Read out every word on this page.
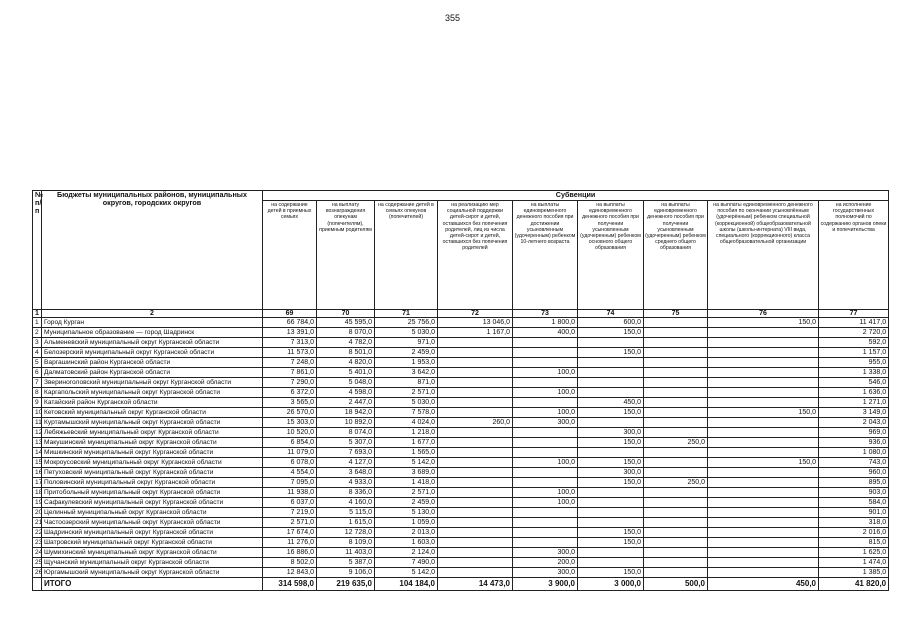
355
№ п/п	Бюджеты муниципальных районов, муниципальных округов, городских округов	Субвенции								
		на содержание детей в приемных семьях	на выплату вознаграждения опекунам (попечителям), приемным родителям	на содержание детей в семьях опекунов (попечителей)	на реализацию мер социальной поддержки детей-сирот и детей, оставшихся без попечения родителей, лиц из числа детей-сирот и детей, оставшихся без попечения родителей	на выплаты единовременного денежного пособия при достижении усыновленным (удочеренным) ребенком 10-летнего возраста	на выплаты единовременного денежного пособия при получении усыновленным (удочеренным) ребенком основного общего образования	на выплаты единовременного денежного пособия при получении усыновленным (удочеренным) ребенком среднего общего образования	на выплаты единовременного денежного пособия по окончании усыновлённым (удочерённым) ребенком специальной (коррекционной) общеобразовательной школы (школы-интерната) VIII вида, специального (коррекционного) класса общеобразовательной организации	на исполнение государственных полномочий по содержанию органов опеки и попечительства
1	2	69	70	71	72	73	74	75	76	77
1	Город Курган	66 784,0	45 595,0	25 756,0	13 046,0	1 800,0	600,0		150,0	11 417,0
2	Муниципальное образование — город Шадринск	13 391,0	8 070,0	5 030,0	1 167,0	400,0	150,0			2 720,0
3	Альменевский муниципальный округ Курганской области	7 313,0	4 782,0	971,0						592,0
4	Белозерский муниципальный округ Курганской области	11 573,0	8 501,0	2 459,0			150,0			1 157,0
5	Варгашинский район Курганской области	7 248,0	4 820,0	1 953,0						955,0
6	Далматовский район Курганской области	7 861,0	5 401,0	3 642,0		100,0				1 338,0
7	Звериноголовский муниципальный округ Курганской области	7 290,0	5 048,0	871,0						546,0
8	Каргапольский муниципальный округ Курганской области	6 372,0	4 598,0	2 571,0		100,0				1 636,0
9	Катайский район Курганской области	3 565,0	2 447,0	5 030,0			450,0			1 271,0
10	Кетовский муниципальный округ Курганской области	26 570,0	18 942,0	7 578,0		100,0	150,0		150,0	3 149,0
11	Куртамышский муниципальный округ Курганской области	15 303,0	10 892,0	4 024,0	260,0	300,0				2 043,0
12	Лебяжьевский муниципальный округ Курганской области	10 520,0	8 074,0	1 218,0			300,0			969,0
13	Макушинский муниципальный округ Курганской области	6 854,0	5 307,0	1 677,0			150,0	250,0		936,0
14	Мишкинский муниципальный округ Курганской области	11 079,0	7 693,0	1 565,0						1 080,0
15	Мокроусовский муниципальный округ Курганской области	6 078,0	4 127,0	5 142,0		100,0	150,0		150,0	743,0
16	Петуховский муниципальный округ Курганской области	4 554,0	3 648,0	3 689,0			300,0			960,0
17	Половинский муниципальный округ Курганской области	7 095,0	4 933,0	1 418,0			150,0	250,0		895,0
18	Притобольный муниципальный округ Курганской области	11 938,0	8 336,0	2 571,0		100,0				903,0
19	Сафакулевский муниципальный округ Курганской области	6 037,0	4 160,0	2 459,0		100,0				584,0
20	Целинный муниципальный округ Курганской области	7 219,0	5 115,0	5 130,0						901,0
21	Частоозерский муниципальный округ Курганской области	2 571,0	1 615,0	1 059,0						318,0
22	Шадринский муниципальный округ Курганской области	17 674,0	12 728,0	2 013,0			150,0			2 016,0
23	Шатровский муниципальный округ Курганской области	11 276,0	8 109,0	1 603,0			150,0			815,0
24	Шумихинский муниципальный округ Курганской области	16 886,0	11 403,0	2 124,0		300,0				1 625,0
25	Щучанский муниципальный округ Курганской области	8 502,0	5 387,0	7 490,0		200,0				1 474,0
26	Юргамышский муниципальный округ Курганской области	12 843,0	9 106,0	5 142,0		300,0	150,0			1 385,0
	ИТОГО	314 598,0	219 635,0	104 184,0	14 473,0	3 900,0	3 000,0	500,0	450,0	41 820,0
